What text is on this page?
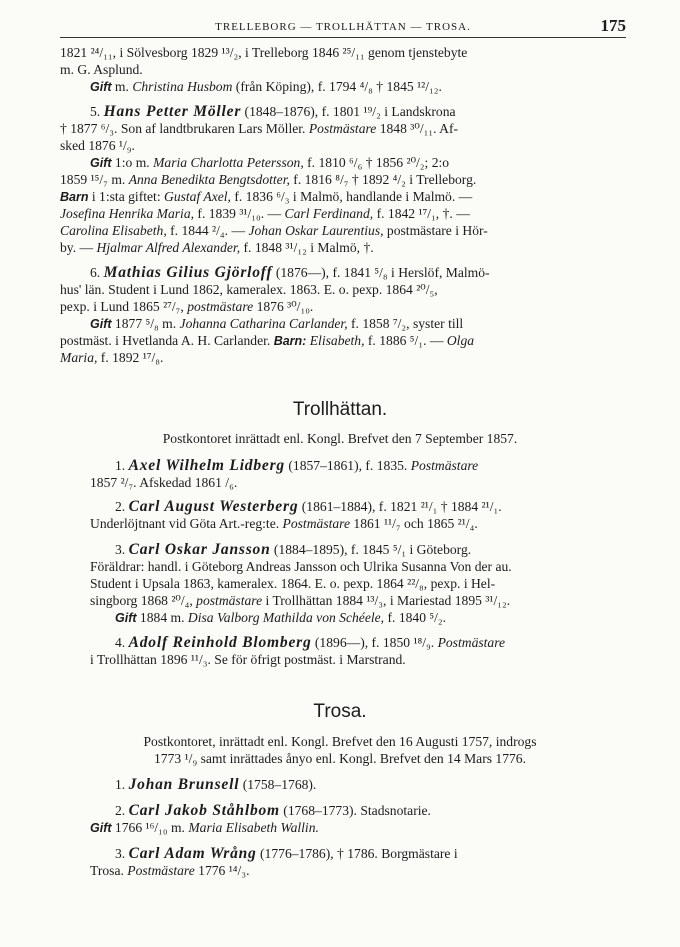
TRELLEBORG — TROLLHÄTTAN — TROSA.	175
1821 ²⁴/₁₁, i Sölvesborg 1829 ¹³/₂, i Trelleborg 1846 ²⁵/₁₁ genom tjenstebyte
m. G. Asplund.
Gift m. Christina Husbom (från Köping), f. 1794 ⁴/₈ † 1845 ¹²/₁₂.
5. Hans Petter Möller (1848–1876), f. 1801 ¹⁹/₂ i Landskrona
† 1877 ⁶/₃. Son af landtbrukaren Lars Möller. Postmästare 1848 ³⁰/₁₁. Af-
sked 1876 ¹/₉.
Gift 1:o m. Maria Charlotta Petersson, f. 1810 ⁶/₆ † 1856 ²⁰/₂; 2:o
1859 ¹⁵/₇ m. Anna Benedikta Bengtsdotter, f. 1816 ⁸/₇ † 1892 ⁴/₂ i Trelleborg.
Barn i 1:sta giftet: Gustaf Axel, f. 1836 ⁶/₃ i Malmö, handlande i Malmö. —
Josefina Henrika Maria, f. 1839 ³¹/₁₀. — Carl Ferdinand, f. 1842 ¹⁷/₁, †. —
Carolina Elisabeth, f. 1844 ²/₄. — Johan Oskar Laurentius, postmästare i Hör-
by. — Hjalmar Alfred Alexander, f. 1848 ³¹/₁₂ i Malmö, †.
6. Mathias Gilius Gjörloff (1876—), f. 1841 ⁵/₈ i Herslöf, Malmö-
hus' län. Student i Lund 1862, kameralex. 1863. E. o. pexp. 1864 ²⁰/₅,
pexp. i Lund 1865 ²⁷/₇, postmästare 1876 ³⁰/₁₀.
Gift 1877 ⁵/₈ m. Johanna Catharina Carlander, f. 1858 ⁷/₂, syster till
postmäst. i Hvetlanda A. H. Carlander. Barn: Elisabeth, f. 1886 ⁵/₁. — Olga
Maria, f. 1892 ¹⁷/₈.
Trollhättan.
Postkontoret inrättadt enl. Kongl. Brefvet den 7 September 1857.
1. Axel Wilhelm Lidberg (1857–1861), f. 1835. Postmästare
1857 ²/₇. Afskedad 1861 /₆.
2. Carl August Westerberg (1861–1884), f. 1821 ²¹/₁ † 1884 ²¹/₁.
Underlöjtnant vid Göta Art.-reg:te. Postmästare 1861 ¹¹/₇ och 1865 ²¹/₄.
3. Carl Oskar Jansson (1884–1895), f. 1845 ⁵/₁ i Göteborg.
Föräldrar: handl. i Göteborg Andreas Jansson och Ulrika Susanna Von der au.
Student i Upsala 1863, kameralex. 1864. E. o. pexp. 1864 ²²/₈, pexp. i Hel-
singborg 1868 ²⁰/₄, postmästare i Trollhättan 1884 ¹³/₃, i Mariestad 1895 ³¹/₁₂.
Gift 1884 m. Disa Valborg Mathilda von Schéele, f. 1840 ⁵/₂.
4. Adolf Reinhold Blomberg (1896—), f. 1850 ¹⁸/₉. Postmästare
i Trollhättan 1896 ¹¹/₃. Se för öfrigt postmäst. i Marstrand.
Trosa.
Postkontoret, inrättadt enl. Kongl. Brefvet den 16 Augusti 1757, indrogs
1773 ¹/₉ samt inrättades ånyo enl. Kongl. Brefvet den 14 Mars 1776.
1. Johan Brunsell (1758–1768).
2. Carl Jakob Ståhlbom (1768–1773). Stadsnotarie.
Gift 1766 ¹⁶/₁₀ m. Maria Elisabeth Wallin.
3. Carl Adam Wrång (1776–1786), † 1786. Borgmästare i
Trosa. Postmästare 1776 ¹⁴/₃.
